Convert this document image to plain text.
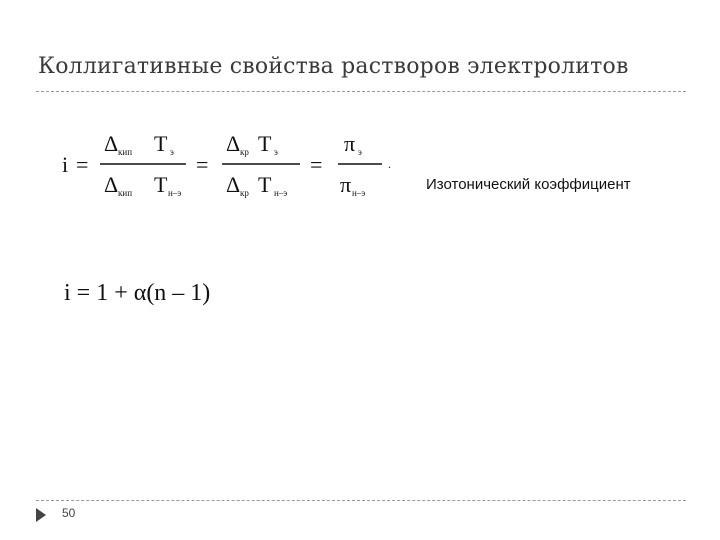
Коллигативные свойства растворов электролитов
i =
Δ кип T э
Δ кип T н–э
=
Δ кр T э
Δ кр T н–э
=
π э
π н–э
.
Изотонический коэффициент
i = 1 + α(n – 1)
50
